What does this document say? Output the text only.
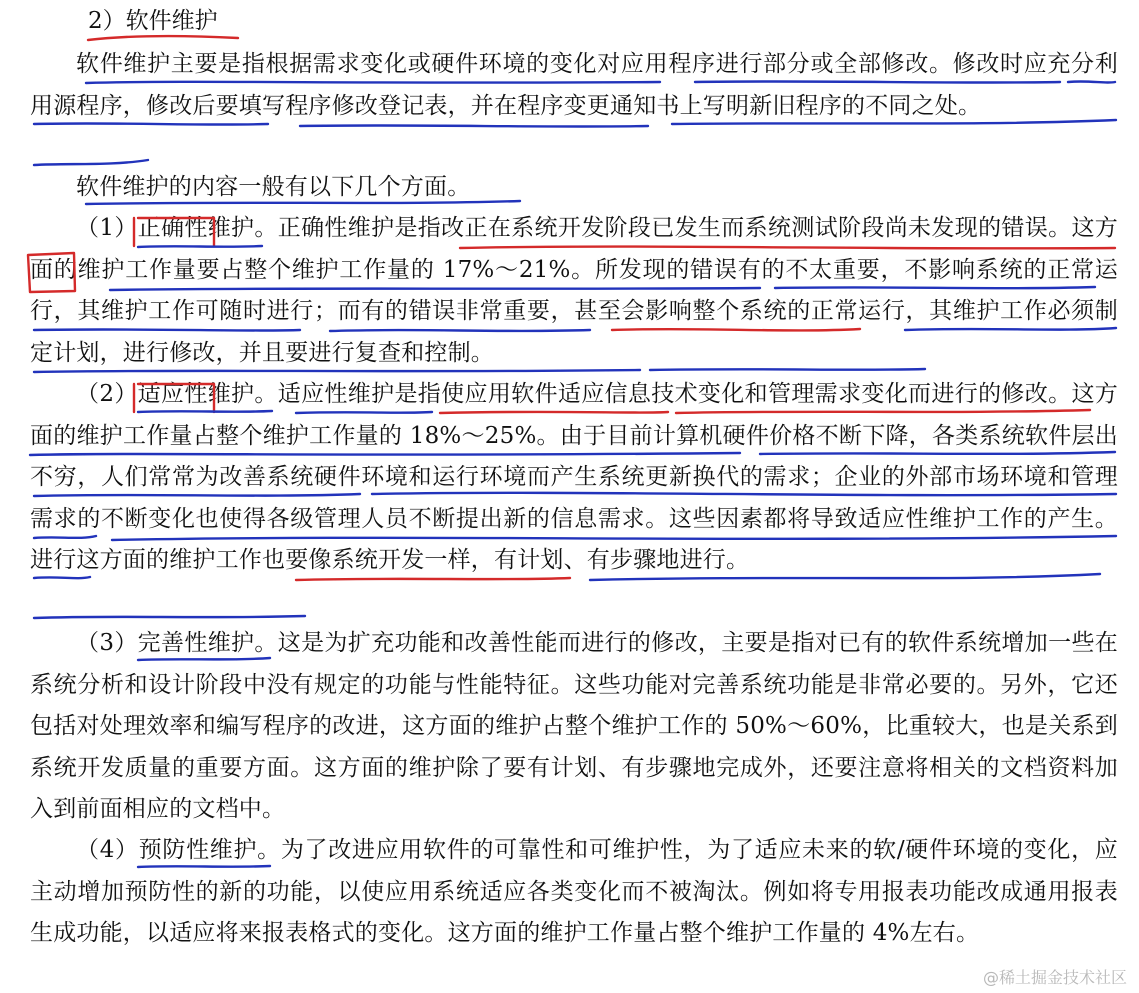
2）软件维护
软件维护主要是指根据需求变化或硬件环境的变化对应用程序进行部分或全部修改。修改时应充分利用源程序，修改后要填写程序修改登记表，并在程序变更通知书上写明新旧程序的不同之处。
软件维护的内容一般有以下几个方面。
（1）正确性维护。正确性维护是指改正在系统开发阶段已发生而系统测试阶段尚未发现的错误。这方面的维护工作量要占整个维护工作量的 17%～21%。所发现的错误有的不太重要，不影响系统的正常运行，其维护工作可随时进行；而有的错误非常重要，甚至会影响整个系统的正常运行，其维护工作必须制定计划，进行修改，并且要进行复查和控制。
（2）适应性维护。适应性维护是指使应用软件适应信息技术变化和管理需求变化而进行的修改。这方面的维护工作量占整个维护工作量的 18%～25%。由于目前计算机硬件价格不断下降，各类系统软件层出不穷，人们常常为改善系统硬件环境和运行环境而产生系统更新换代的需求；企业的外部市场环境和管理需求的不断变化也使得各级管理人员不断提出新的信息需求。这些因素都将导致适应性维护工作的产生。进行这方面的维护工作也要像系统开发一样，有计划、有步骤地进行。
（3）完善性维护。这是为扩充功能和改善性能而进行的修改，主要是指对已有的软件系统增加一些在系统分析和设计阶段中没有规定的功能与性能特征。这些功能对完善系统功能是非常必要的。另外，它还包括对处理效率和编写程序的改进，这方面的维护占整个维护工作的 50%～60%，比重较大，也是关系到系统开发质量的重要方面。这方面的维护除了要有计划、有步骤地完成外，还要注意将相关的文档资料加入到前面相应的文档中。
（4）预防性维护。为了改进应用软件的可靠性和可维护性，为了适应未来的软/硬件环境的变化，应主动增加预防性的新的功能，以使应用系统适应各类变化而不被淘汰。例如将专用报表功能改成通用报表生成功能，以适应将来报表格式的变化。这方面的维护工作量占整个维护工作量的 4%左右。
@稀土掘金技术社区
